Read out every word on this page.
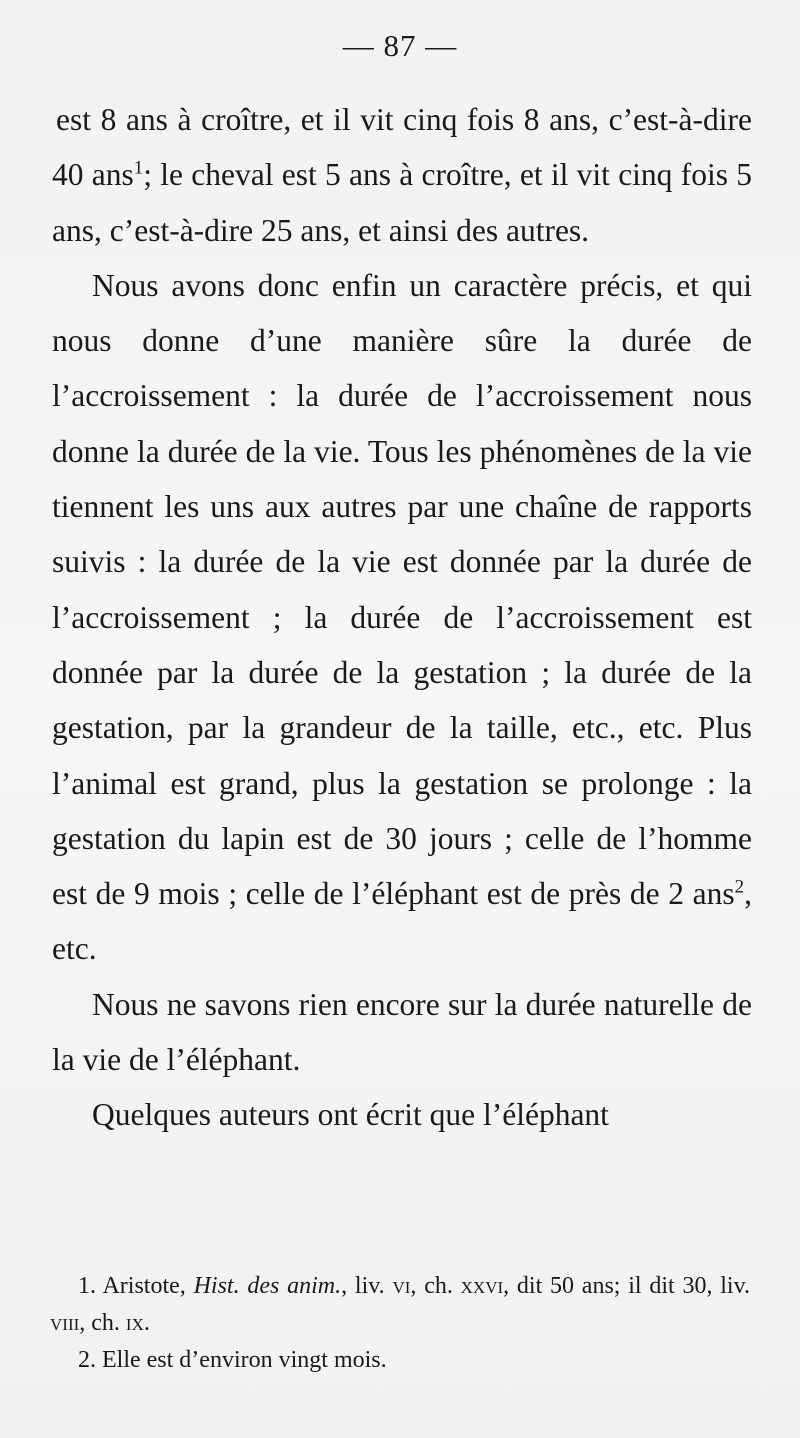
— 87 —

est 8 ans à croître, et il vit cinq fois 8 ans, c’est-à-dire 40 ans$^1$; le cheval est 5 ans à croître, et il vit cinq fois 5 ans, c’est-à-dire 25 ans, et ainsi des autres.

Nous avons donc enfin un caractère précis, et qui nous donne d’une manière sûre la durée de l’accroissement : la durée de l’accroissement nous donne la durée de la vie. Tous les phénomènes de la vie tiennent les uns aux autres par une chaîne de rapports suivis : la durée de la vie est donnée par la durée de l’accroissement ; la durée de l’accroissement est donnée par la durée de la gestation ; la durée de la gestation, par la grandeur de la taille, etc., etc. Plus l’animal est grand, plus la gestation se prolonge : la gestation du lapin est de 30 jours ; celle de l’homme est de 9 mois ; celle de l’éléphant est de près de 2 ans$^2$, etc.

Nous ne savons rien encore sur la durée naturelle de la vie de l’éléphant.

Quelques auteurs ont écrit que l’éléphant

1. Aristote, Hist. des anim., liv. vi, ch. xxvi, dit 50 ans; il dit 30, liv. viii, ch. ix.

2. Elle est d’environ vingt mois.
